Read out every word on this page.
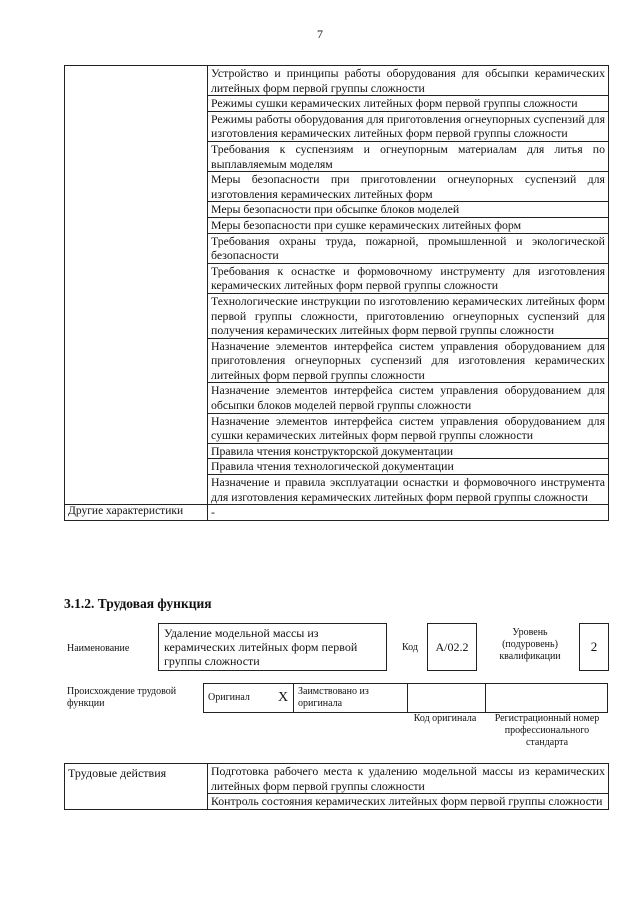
7
	Устройство и принципы работы оборудования для обсыпки керамических литейных форм первой группы сложности
	Режимы сушки керамических литейных форм первой группы сложности
	Режимы работы оборудования для приготовления огнеупорных суспензий для изготовления керамических литейных форм первой группы сложности
	Требования к суспензиям и огнеупорным материалам для литья по выплавляемым моделям
	Меры безопасности при приготовлении огнеупорных суспензий для изготовления керамических литейных форм
	Меры безопасности при обсыпке блоков моделей
	Меры безопасности при сушке керамических литейных форм
	Требования охраны труда, пожарной, промышленной и экологической безопасности
	Требования к оснастке и формовочному инструменту для изготовления керамических литейных форм первой группы сложности
	Технологические инструкции по изготовлению керамических литейных форм первой группы сложности, приготовлению огнеупорных суспензий для получения керамических литейных форм первой группы сложности
	Назначение элементов интерфейса систем управления оборудованием для приготовления огнеупорных суспензий для изготовления керамических литейных форм первой группы сложности
	Назначение элементов интерфейса систем управления оборудованием для обсыпки блоков моделей первой группы сложности
	Назначение элементов интерфейса систем управления оборудованием для сушки керамических литейных форм первой группы сложности
	Правила чтения конструкторской документации
	Правила чтения технологической документации
	Назначение и правила эксплуатации оснастки и формовочного инструмента для изготовления керамических литейных форм первой группы сложности
Другие характеристики	-
3.1.2. Трудовая функция
Наименование
Удаление модельной массы из керамических литейных форм первой группы сложности
Код	A/02.2
Уровень (подуровень) квалификации
2
Происхождение трудовой функции
Оригинал X Заимствовано из оригинала
Код оригинала	Регистрационный номер профессионального стандарта
Трудовые действия	Подготовка рабочего места к удалению модельной массы из керамических литейных форм первой группы сложности
Контроль состояния керамических литейных форм первой группы сложности
